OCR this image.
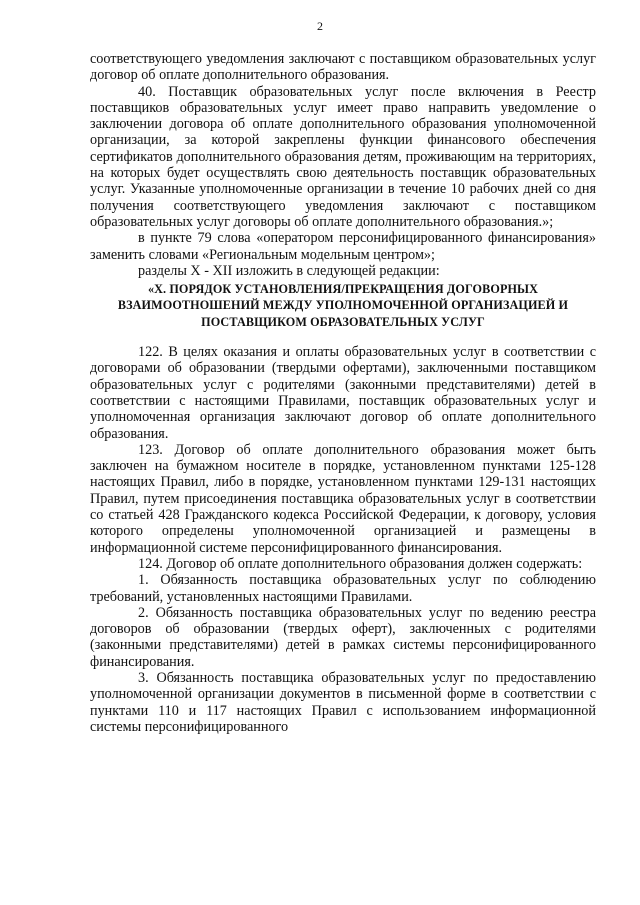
2

соответствующего уведомления заключают с поставщиком образовательных услуг договор об оплате дополнительного образования.

40. Поставщик образовательных услуг после включения в Реестр поставщиков образовательных услуг имеет право направить уведомление о заключении договора об оплате дополнительного образования уполномоченной организации, за которой закреплены функции финансового обеспечения сертификатов дополнительного образования детям, проживающим на территориях, на которых будет осуществлять свою деятельность поставщик образовательных услуг. Указанные уполномоченные организации в течение 10 рабочих дней со дня получения соответствующего уведомления заключают с поставщиком образовательных услуг договоры об оплате дополнительного образования.»;

в пункте 79 слова «оператором персонифицированного финансирования» заменить словами «Региональным модельным центром»;

разделы X - XII изложить в следующей редакции:

«X. ПОРЯДОК УСТАНОВЛЕНИЯ/ПРЕКРАЩЕНИЯ ДОГОВОРНЫХ ВЗАИМООТНОШЕНИЙ МЕЖДУ УПОЛНОМОЧЕННОЙ ОРГАНИЗАЦИЕЙ И ПОСТАВЩИКОМ ОБРАЗОВАТЕЛЬНЫХ УСЛУГ

122. В целях оказания и оплаты образовательных услуг в соответствии с договорами об образовании (твердыми офертами), заключенными поставщиком образовательных услуг с родителями (законными представителями) детей в соответствии с настоящими Правилами, поставщик образовательных услуг и уполномоченная организация заключают договор об оплате дополнительного образования.

123. Договор об оплате дополнительного образования может быть заключен на бумажном носителе в порядке, установленном пунктами 125-128 настоящих Правил, либо в порядке, установленном пунктами 129-131 настоящих Правил, путем присоединения поставщика образовательных услуг в соответствии со статьей 428 Гражданского кодекса Российской Федерации, к договору, условия которого определены уполномоченной организацией и размещены в информационной системе персонифицированного финансирования.

124. Договор об оплате дополнительного образования должен содержать:

1. Обязанность поставщика образовательных услуг по соблюдению требований, установленных настоящими Правилами.

2. Обязанность поставщика образовательных услуг по ведению реестра договоров об образовании (твердых оферт), заключенных с родителями (законными представителями) детей в рамках системы персонифицированного финансирования.

3. Обязанность поставщика образовательных услуг по предоставлению уполномоченной организации документов в письменной форме в соответствии с пунктами 110 и 117 настоящих Правил с использованием информационной системы персонифицированного
